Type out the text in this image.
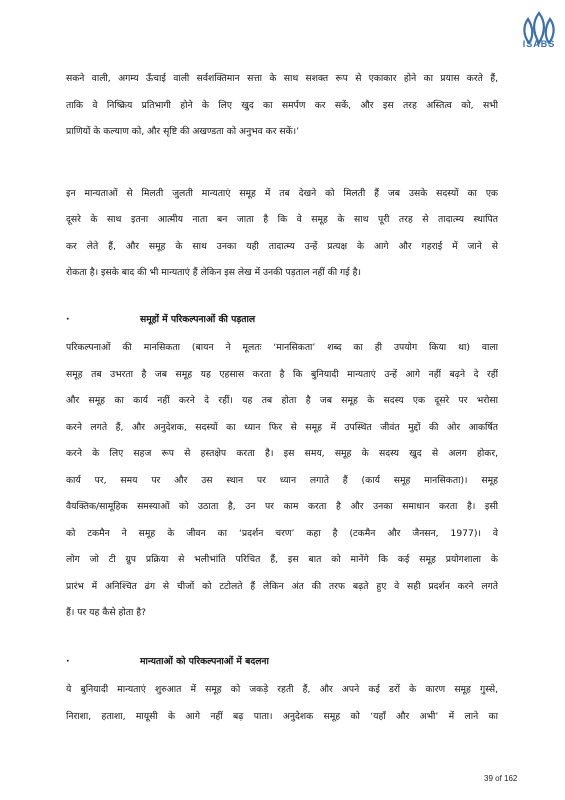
ISABS
सकने वाली, अगम्य ऊँचाई वाली सर्वशक्तिमान सत्ता के साथ सशक्त रूप से एकाकार होने का प्रयास करते हैं,
ताकि वे निष्क्रिय प्रतिभागी होने के लिए खुद का समर्पण कर सकें, और इस तरह अस्तित्व को, सभी
प्राणियों के कल्याण को, और सृष्टि की अखण्डता को अनुभव कर सकें।’
इन मान्यताओं से मिलती जुलती मान्यताएं समूह में तब देखने को मिलती हैं जब उसके सदस्यों का एक
दूसरे के साथ इतना आत्मीय नाता बन जाता है कि वे समूह के साथ पूरी तरह से तादात्म्य स्थापित
कर लेते हैं, और समूह के साथ उनका यही तादात्म्य उन्हें प्रत्यक्ष के आगे और गहराई में जाने से
रोकता है। इसके बाद की भी मान्यताएं हैं लेकिन इस लेख में उनकी पड़ताल नहीं की गई है।
·	समूहों में परिकल्पनाओं की पड़ताल
परिकल्पनाओं की मानसिकता (बायन ने मूलतः ‘मानसिकता’ शब्द का ही उपयोग किया था) वाला
समूह तब उभरता है जब समूह यह एहसास करता है कि बुनियादी मान्यताएं उन्हें आगे नहीं बढ़ने दे रहीं
और समूह का कार्य नहीं करने दे रहीं। यह तब होता है जब समूह के सदस्य एक दूसरे पर भरोसा
करने लगते हैं, और अनुदेशक, सदस्यों का ध्यान फिर से समूह में उपस्थित जीवंत मुद्दों की ओर आकर्षित
करने के लिए सहज रूप से हस्तक्षेप करता है। इस समय, समूह के सदस्य खुद से अलग होकर,
कार्य पर, समय पर और उस स्थान पर ध्यान लगाते हैं (कार्य समूह मानसिकता)। समूह
वैयक्तिक/सामूहिक समस्याओं को उठाता है, उन पर काम करता है और उनका समाधान करता है। इसी
को टकमैन ने समूह के जीवन का ‘प्रदर्शन चरण’ कहा है (टकमैन और जैनसन, 1977)। वे
लोग जो टी ग्रुप प्रक्रिया से भलीभांति परिचित हैं, इस बात को मानेंगे कि कई समूह प्रयोगशाला के
प्रारंभ में अनिश्चित ढंग से चीजों को टटोलते हैं लेकिन अंत की तरफ बढ़ते हुए वे सही प्रदर्शन करने लगते
हैं। पर यह कैसे होता है?
·	मान्यताओं को परिकल्पनाओं में बदलना
ये बुनियादी मान्यताएं शुरुआत में समूह को जकड़े रहती हैं, और अपने कई डरों के कारण समूह गुस्से,
निराशा, हताशा, मायूसी के आगे नहीं बढ़ पाता। अनुदेशक समूह को ‘यहाँ और अभी’ में लाने का
39 of 162
